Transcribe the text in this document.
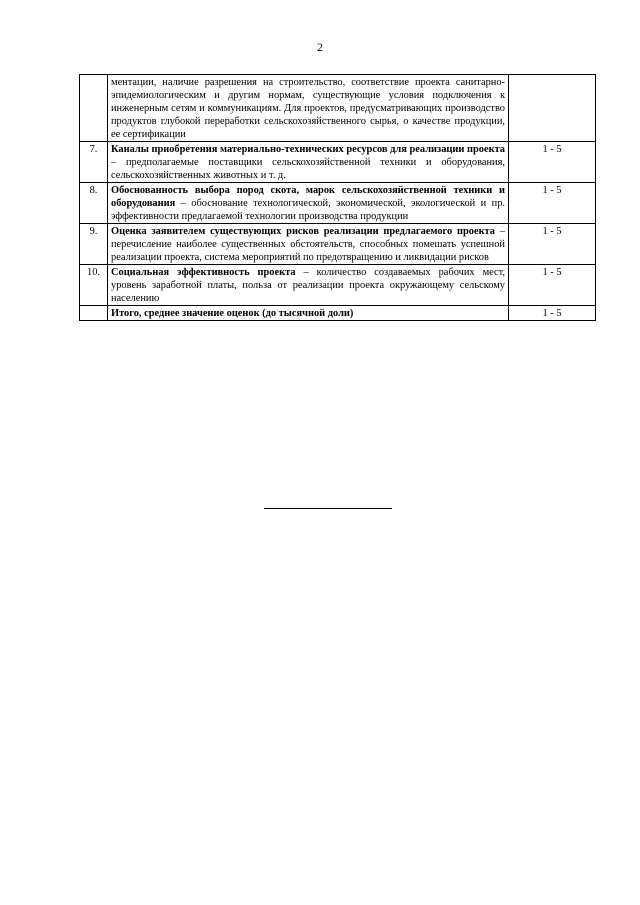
2
	ментации, наличие разрешения на строительство, соответствие проекта санитарно-эпидемиологическим и другим нормам, существующие условия подключения к инженерным сетям и коммуникациям. Для проектов, предусматривающих производство продуктов глубокой переработки сельскохозяйственного сырья, о качестве продукции, ее сертификации	
7.	Каналы приобретения материально-технических ресурсов для реализации проекта – предполагаемые поставщики сельскохозяйственной техники и оборудования, сельскохозяйственных животных и т. д.	1 - 5
8.	Обоснованность выбора пород скота, марок сельскохозяйственной техники и оборудования – обоснование технологической, экономической, экологической и пр. эффективности предлагаемой технологии производства продукции	1 - 5
9.	Оценка заявителем существующих рисков реализации предлагаемого проекта – перечисление наиболее существенных обстоятельств, способных помешать успешной реализации проекта, система мероприятий по предотвращению и ликвидации рисков	1 - 5
10.	Социальная эффективность проекта – количество создаваемых рабочих мест, уровень заработной платы, польза от реализации проекта окружающему сельскому населению	1 - 5
	Итого, среднее значение оценок (до тысячной доли)	1 - 5
